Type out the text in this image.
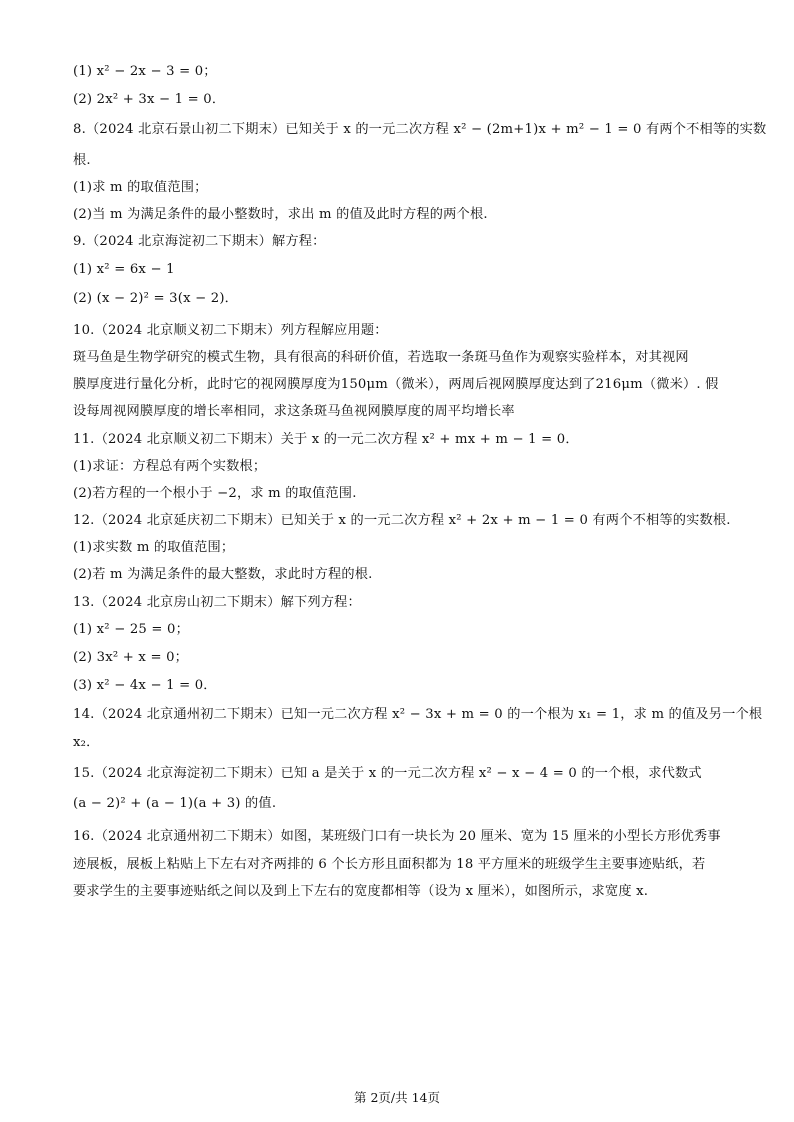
(1) x² − 2x − 3 = 0；
(2) 2x² + 3x − 1 = 0．
8.（2024 北京石景山初二下期末）已知关于 x 的一元二次方程 x² − (2m+1)x + m² − 1 = 0 有两个不相等的实数
根.
(1)求 m 的取值范围；
(2)当 m 为满足条件的最小整数时，求出 m 的值及此时方程的两个根.
9.（2024 北京海淀初二下期末）解方程：
(1) x² = 6x − 1
(2) (x − 2)² = 3(x − 2)．
10.（2024 北京顺义初二下期末）列方程解应用题：
斑马鱼是生物学研究的模式生物，具有很高的科研价值，若选取一条斑马鱼作为观察实验样本，对其视网
膜厚度进行量化分析，此时它的视网膜厚度为150μm（微米），两周后视网膜厚度达到了216μm（微米）. 假
设每周视网膜厚度的增长率相同，求这条斑马鱼视网膜厚度的周平均增长率
11.（2024 北京顺义初二下期末）关于 x 的一元二次方程 x² + mx + m − 1 = 0．
(1)求证：方程总有两个实数根；
(2)若方程的一个根小于 −2，求 m 的取值范围.
12.（2024 北京延庆初二下期末）已知关于 x 的一元二次方程 x² + 2x + m − 1 = 0 有两个不相等的实数根.
(1)求实数 m 的取值范围；
(2)若 m 为满足条件的最大整数，求此时方程的根.
13.（2024 北京房山初二下期末）解下列方程：
(1) x² − 25 = 0；
(2) 3x² + x = 0；
(3) x² − 4x − 1 = 0．
14.（2024 北京通州初二下期末）已知一元二次方程 x² − 3x + m = 0 的一个根为 x₁ = 1，求 m 的值及另一个根
x₂．
15.（2024 北京海淀初二下期末）已知 a 是关于 x 的一元二次方程 x² − x − 4 = 0 的一个根，求代数式
(a − 2)² + (a − 1)(a + 3) 的值.
16.（2024 北京通州初二下期末）如图，某班级门口有一块长为 20 厘米、宽为 15 厘米的小型长方形优秀事
迹展板，展板上粘贴上下左右对齐两排的 6 个长方形且面积都为 18 平方厘米的班级学生主要事迹贴纸，若
要求学生的主要事迹贴纸之间以及到上下左右的宽度都相等（设为 x 厘米），如图所示，求宽度 x.
第 2页/共 14页
